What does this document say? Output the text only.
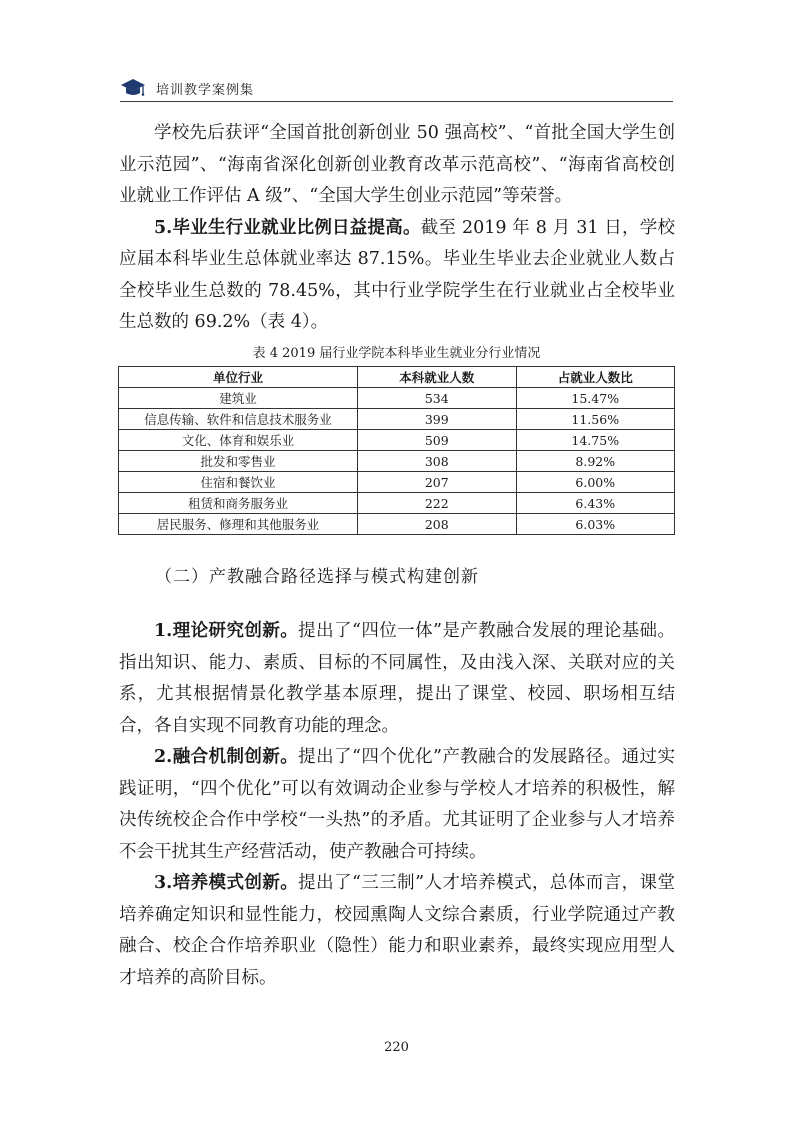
培训教学案例集

学校先后获评“全国首批创新创业 50 强高校”、“首批全国大学生创业示范园”、“海南省深化创新创业教育改革示范高校”、“海南省高校创业就业工作评估 A 级”、“全国大学生创业示范园”等荣誉。

5.毕业生行业就业比例日益提高。截至 2019 年 8 月 31 日，学校应届本科毕业生总体就业率达 87.15%。毕业生毕业去企业就业人数占全校毕业生总数的 78.45%，其中行业学院学生在行业就业占全校毕业生总数的 69.2%（表 4）。

表 4 2019 届行业学院本科毕业生就业分行业情况
单位行业	本科就业人数	占就业人数比
建筑业	534	15.47%
信息传输、软件和信息技术服务业	399	11.56%
文化、体育和娱乐业	509	14.75%
批发和零售业	308	8.92%
住宿和餐饮业	207	6.00%
租赁和商务服务业	222	6.43%
居民服务、修理和其他服务业	208	6.03%
（二）产教融合路径选择与模式构建创新

1.理论研究创新。提出了“四位一体”是产教融合发展的理论基础。指出知识、能力、素质、目标的不同属性，及由浅入深、关联对应的关系，尤其根据情景化教学基本原理，提出了课堂、校园、职场相互结合，各自实现不同教育功能的理念。

2.融合机制创新。提出了“四个优化”产教融合的发展路径。通过实践证明，“四个优化”可以有效调动企业参与学校人才培养的积极性，解决传统校企合作中学校“一头热”的矛盾。尤其证明了企业参与人才培养不会干扰其生产经营活动，使产教融合可持续。

3.培养模式创新。提出了“三三制”人才培养模式，总体而言，课堂培养确定知识和显性能力，校园熏陶人文综合素质，行业学院通过产教融合、校企合作培养职业（隐性）能力和职业素养，最终实现应用型人才培养的高阶目标。

220
